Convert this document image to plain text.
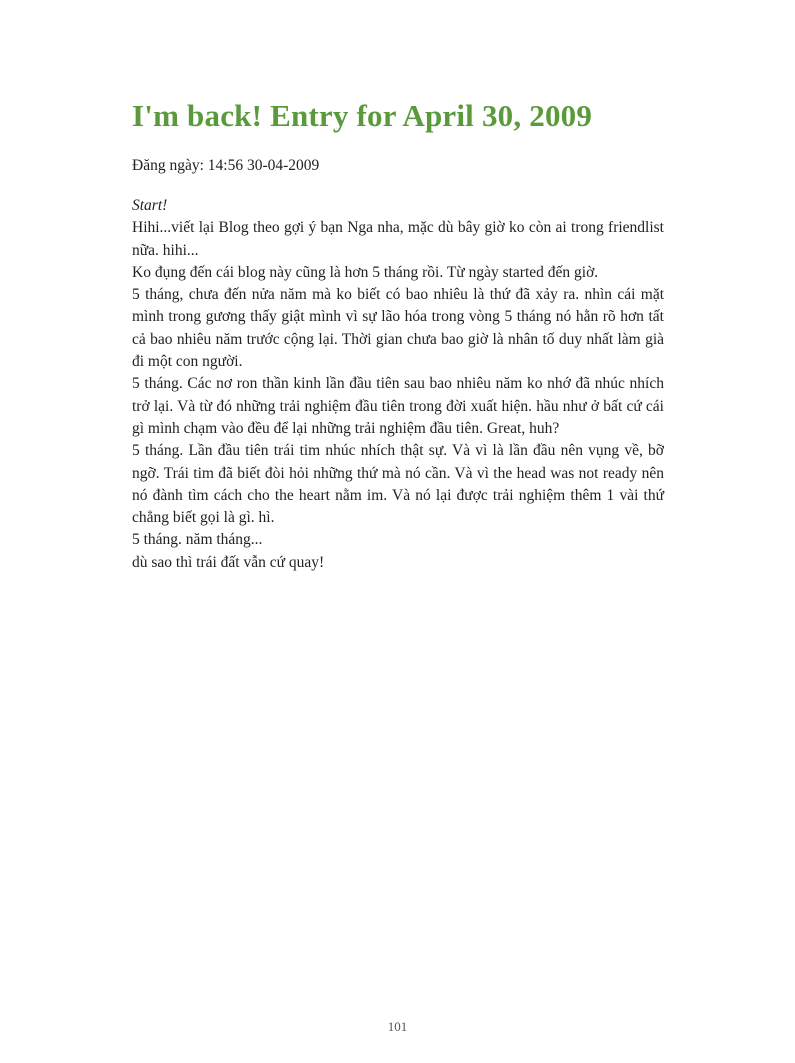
I'm back! Entry for April 30, 2009
Đăng ngày: 14:56 30-04-2009

Start!

Hihi...viết lại Blog theo gợi ý bạn Nga nha, mặc dù bây giờ ko còn ai trong friendlist nữa. hihi...

Ko đụng đến cái blog này cũng là hơn 5 tháng rồi. Từ ngày started đến giờ.

5 tháng, chưa đến nửa năm mà ko biết có bao nhiêu là thứ đã xảy ra. nhìn cái mặt mình trong gương thấy giật mình vì sự lão hóa trong vòng 5 tháng nó hằn rõ hơn tất cả bao nhiêu năm trước cộng lại. Thời gian chưa bao giờ là nhân tố duy nhất làm già đi một con người.

5 tháng. Các nơ ron thần kinh lần đầu tiên sau bao nhiêu năm ko nhớ đã nhúc nhích trở lại. Và từ đó những trải nghiệm đầu tiên trong đời xuất hiện. hầu như ở bất cứ cái gì mình chạm vào đều để lại những trải nghiệm đầu tiên. Great, huh?

5 tháng. Lần đầu tiên trái tim nhúc nhích thật sự. Và vì là lần đầu nên vụng về, bỡ ngỡ. Trái tim đã biết đòi hỏi những thứ mà nó cần. Và vì the head was not ready nên nó đành tìm cách cho the heart nằm im. Và nó lại được trải nghiệm thêm 1 vài thứ chẳng biết gọi là gì. hì.

5 tháng. năm tháng...

dù sao thì trái đất vẫn cứ quay!

101
